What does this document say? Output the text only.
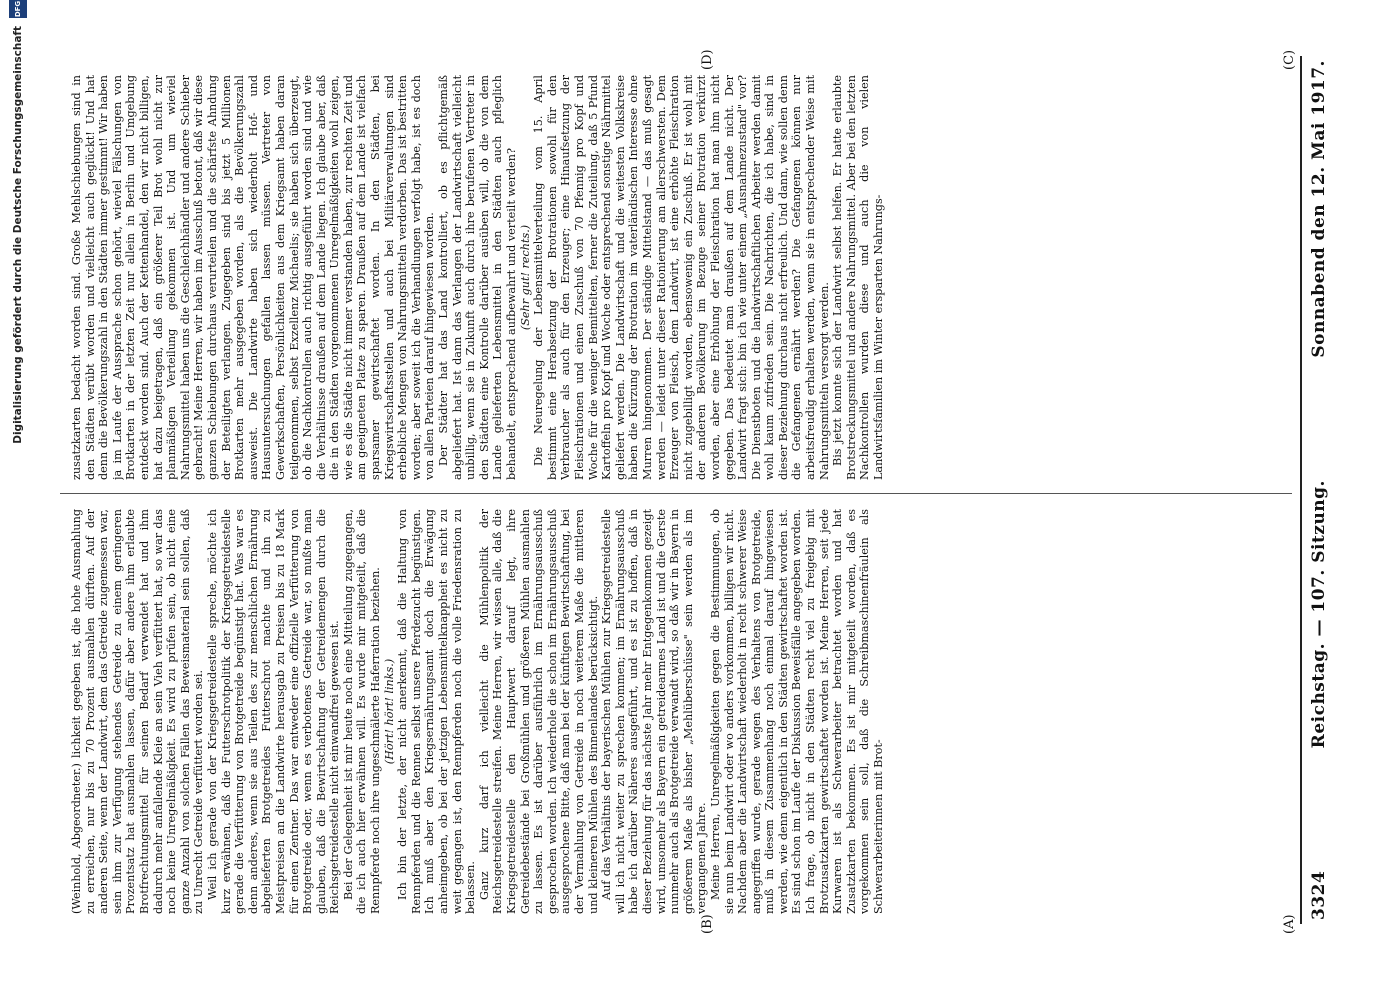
3324
Reichstag. — 107. Sitzung.
Sonnabend den 12. Mai 1917.
(A)
(B)
(C)
(D)

(Weinhold, Abgeordneter.) lichkeit gegeben ist, die hohe Ausmahlung zu erreichen, nur bis zu 70 Prozent ausmahlen dürften. Auf der anderen Seite, wenn der Landwirt, dem das Getreide zugemessen war, sein ihm zur Verfügung stehendes Getreide zu einem geringeren Prozentsatz hat ausmahlen lassen, dafür aber andere ihm erlaubte Brotfrechtungsmittel für seinen Bedarf verwendet hat und ihm dadurch mehr anfallende Kleie an sein Vieh verfüttert hat, so war das noch keine Unregelmäßigkeit. Es wird zu prüfen sein, ob nicht eine ganze Anzahl von solchen Fällen das Beweismaterial sein sollen, daß zu Unrecht Getreide verfüttert worden sei. Weil ich gerade von der Kriegsgetreidestelle spreche, möchte ich kurz erwähnen, daß die Futterschrotpolitik der Kriegsgetreidestelle gerade die Verfütterung von Brotgetreide begünstigt hat. Was war es denn anderes, wenn sie aus Teilen des zur menschlichen Ernährung abgelieferten Brotgetreides Futterschrot machte und ihn zu Meistpreisen an die Landwirte herausgab zu Preisen bis zu 18 Mark für einen Zentner. Das war entweder eine offizielle Verfütterung von Brotgetreide oder, wenn es verbotenes Getreide war, so mußte man glauben, daß die Bewirtschaftung der Getreidemengen durch die Reichsgetreidestelle nicht einwandfrei gewesen ist. Bei der Gelegenheit ist mir heute noch eine Mitteilung zugegangen, die ich auch hier erwähnen will. Es wurde mir mitgeteilt, daß die Rennpferde noch ihre ungeschmälerte Haferration beziehen. (Hört! hört! links.) Ich bin der letzte, der nicht anerkennt, daß die Haltung von Rennpferden und die Rennen selbst unsere Pferdezucht begünstigen. Ich muß aber den Kriegsernährungsamt doch die Erwägung anheimgeben, ob bei der jetzigen Lebensmittelknappheit es nicht zu weit gegangen ist, den Rennpferden noch die volle Friedensration zu belassen. Ganz kurz darf ich vielleicht die Mühlenpolitik der Reichsgetreidestelle streifen. Meine Herren, wir wissen alle, daß die Kriegsgetreidestelle den Hauptwert darauf legt, ihre Getreidebestände bei Großmühlen und größeren Mühlen ausmahlen zu lassen. Es ist darüber ausführlich im Ernährungsausschuß gesprochen worden. Ich wiederhole die schon im Ernährungsausschuß ausgesprochene Bitte, daß man bei der künftigen Bewirtschaftung, bei der Vermahlung von Getreide in noch weiterem Maße die mittleren und kleineren Mühlen des Binnenlandes berücksichtigt. Auf das Verhältnis der bayerischen Mühlen zur Kriegsgetreidestelle will ich nicht weiter zu sprechen kommen; im Ernährungsausschuß habe ich darüber Näheres ausgeführt, und es ist zu hoffen, daß in dieser Beziehung für das nächste Jahr mehr Entgegenkommen gezeigt wird, umsomehr als Bayern ein getreidearmes Land ist und die Gerste nunmehr auch als Brotgetreide verwandt wird, so daß wir in Bayern in größerem Maße als bisher „Mehlüberschüsse" sein werden als im vergangenen Jahre. Meine Herren, Unregelmäßigkeiten gegen die Bestimmungen, ob sie nun beim Landwirt oder wo anders vorkommen, billigen wir nicht. Nachdem aber die Landwirtschaft wiederholt in recht schwerer Weise angegriffen wurde, gerade wegen des Verhaltens von Brotgetreide, muß in diesem Zusammenhang noch einmal darauf hingewiesen werden, wie denn eigentlich in den Städten gewirtschaftet worden ist. Es sind schon im Laufe der Diskussion Beweisfälle angegeben worden. Ich frage, ob nicht in den Städten recht viel zu freigebig mit Brotzusatzkarten gewirtschaftet worden ist. Meine Herren, seit jede Kurwaren ist als Schwerarbeiter betrachtet worden und hat Zusatzkarten bekommen. Es ist mir mitgeteilt worden, daß es vorgekommen sein soll, daß die Schreibmaschinenfräulein als Schwerarbeiterinnen mit Brot-

zusatzkarten bedacht worden sind. Große Mehlschiebungen sind in den Städten verübt worden und vielleicht auch geglückt! Und hat denn die Bevölkerungszahl in den Städten immer gestimmt! Wir haben ja im Laufe der Aussprache schon gehört, wieviel Fälschungen von Brotkarten in der letzten Zeit nur allein in Berlin und Umgebung entdeckt worden sind. Auch der Kettenhandel, den wir nicht billigen, hat dazu beigetragen, daß ein größerer Teil Brot wohl nicht zur planmäßigen Verteilung gekommen ist. Und um wieviel Nahrungsmittel haben uns die Geschleichhändler und andere Schieber gebracht! Meine Herren, wir haben im Ausschuß betont, daß wir diese ganzen Schiebungen durchaus verurteilen und die schärfste Ahndung der Beteiligten verlangen. Zugegeben sind bis jetzt 5 Millionen Brotkarten mehr ausgegeben worden, als die Bevölkerungszahl ausweist. Die Landwirte haben sich wiederholt Hof- und Hausuntersuchungen gefallen lassen müssen. Vertreter von Gewerkschaften, Persönlichkeiten aus dem Kriegsamt haben daran teilgenommen, selbst Exzellenz Michaelis; sie haben sich überzeugt, ob die Nachkontrollen auch richtig ausgeführt worden sind und wie die Verhältnisse draußen auf dem Lande liegen. Ich glaube aber, daß die in den Städten vorgenommenen Unregelmäßigkeiten wohl zeigen, wie es die Städte nicht immer verstanden haben, zur rechten Zeit und am geeigneten Platze zu sparen. Draußen auf dem Lande ist vielfach sparsamer gewirtschaftet worden. In den Städten, bei Kriegswirtschaftsstellen und auch bei Militärverwaltungen sind erhebliche Mengen von Nahrungsmitteln verdorben. Das ist bestritten worden; aber soweit ich die Verhandlungen verfolgt habe, ist es doch von allen Parteien darauf hingewiesen worden. Der Städter hat das Land kontrolliert, ob es pflichtgemäß abgeliefert hat. Ist dann das Verlangen der Landwirtschaft vielleicht unbillig, wenn sie in Zukunft auch durch ihre berufenen Vertreter in den Städten eine Kontrolle darüber ausüben will, ob die von dem Lande gelieferten Lebensmittel in den Städten auch pfleglich behandelt, entsprechend aufbewahrt und verteilt werden? (Sehr gut! rechts.) Die Neuregelung der Lebensmittelverteilung vom 15. April bestimmt eine Herabsetzung der Brotrationen sowohl für den Verbraucher als auch für den Erzeuger; eine Hinaufsetzung der Fleischrationen und einen Zuschuß von 70 Pfennig pro Kopf und Woche für die weniger Bemittelten, ferner die Zuteilung, daß 5 Pfund Kartoffeln pro Kopf und Woche oder entsprechend sonstige Nährmittel geliefert werden. Die Landwirtschaft und die weitesten Volkskreise haben die Kürzung der Brotration im vaterländischen Interesse ohne Murren hingenommen. Der ständige Mittelstand — das muß gesagt werden — leidet unter dieser Rationierung am allerschwersten. Dem Erzeuger von Fleisch, dem Landwirt, ist eine erhöhte Fleischration nicht zugebilligt worden, ebensowenig ein Zuschuß. Er ist wohl mit der anderen Bevölkerung im Bezuge seiner Brotration verkürzt worden, aber eine Erhöhung der Fleischration hat man ihm nicht gegeben. Das bedeutet man draußen auf dem Lande nicht. Der Landwirt fragt sich: bin ich wie unter einem „Ausnahmezustand" vor? Die Dienstboten und die landwirtschaftlichen Arbeiter werden damit wohl kaum zufrieden sein. Die Nachrichten, die ich habe, sind in dieser Beziehung durchaus nicht erfreulich. Und dann, wie sollen denn die Gefangenen ernährt werden? Die Gefangenen können nur arbeitsfreudig erhalten werden, wenn sie in entsprechender Weise mit Nahrungsmitteln versorgt werden. Bis jetzt konnte sich der Landwirt selbst helfen. Er hatte erlaubte Brotstreckungsmittel und andere Nahrungsmittel. Aber bei den letzten Nachkontrollen wurden diese und auch die von vielen Landwirtsfamilien im Winter ersparten Nahrungs-

Digitalisierung gefördert durch die Deutsche Forschungsgemeinschaft
DFG
